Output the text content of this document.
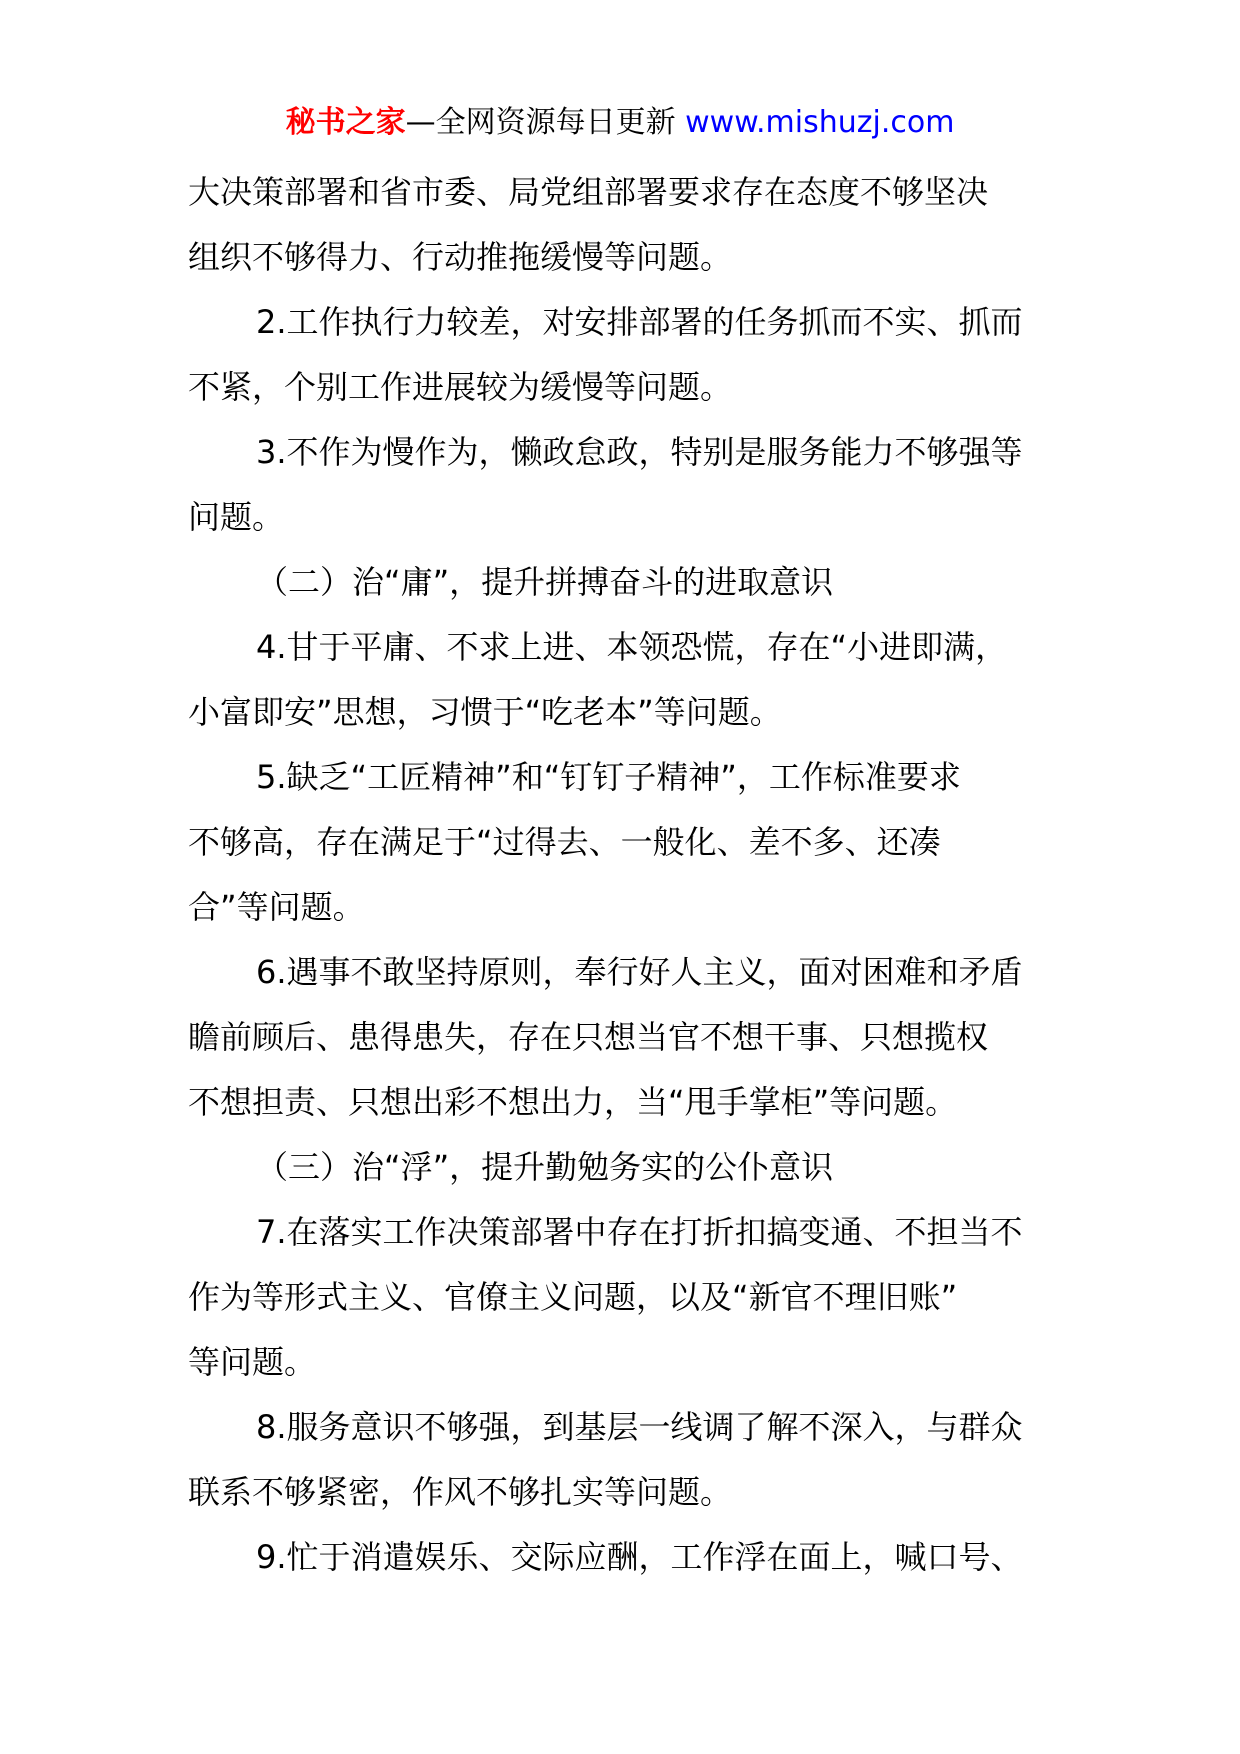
秘书之家—全网资源每日更新 www.mishuzj.com

大决策部署和省市委、局党组部署要求存在态度不够坚决

组织不够得力、行动推拖缓慢等问题。

2.工作执行力较差，对安排部署的任务抓而不实、抓而

不紧，个别工作进展较为缓慢等问题。

3.不作为慢作为，懒政怠政，特别是服务能力不够强等

问题。

（二）治“庸”，提升拼搏奋斗的进取意识

4.甘于平庸、不求上进、本领恐慌，存在“小进即满，

小富即安”思想，习惯于“吃老本”等问题。

5.缺乏“工匠精神”和“钉钉子精神”，工作标准要求

不够高，存在满足于“过得去、一般化、差不多、还凑

合”等问题。

6.遇事不敢坚持原则，奉行好人主义，面对困难和矛盾

瞻前顾后、患得患失，存在只想当官不想干事、只想揽权

不想担责、只想出彩不想出力，当“甩手掌柜”等问题。

（三）治“浮”，提升勤勉务实的公仆意识

7.在落实工作决策部署中存在打折扣搞变通、不担当不

作为等形式主义、官僚主义问题，以及“新官不理旧账”

等问题。

8.服务意识不够强，到基层一线调了解不深入，与群众

联系不够紧密，作风不够扎实等问题。

9.忙于消遣娱乐、交际应酬，工作浮在面上，喊口号、
